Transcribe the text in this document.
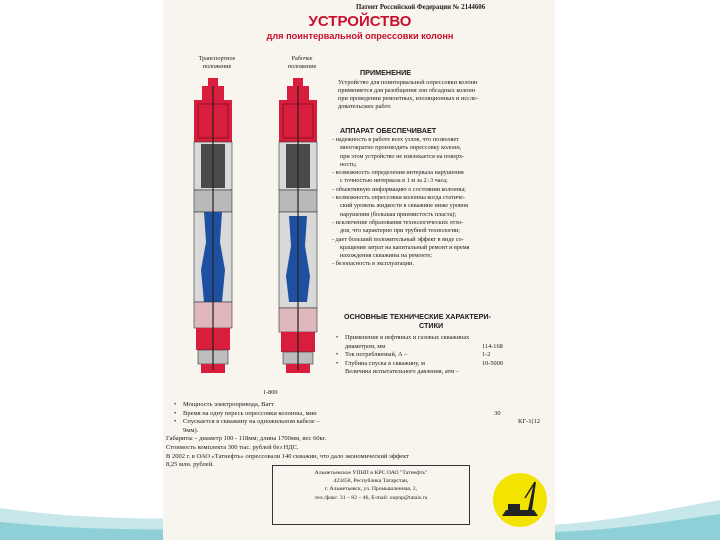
Патент Российской Федерации № 2144606

УСТРОЙСТВО

для поинтервальной опрессовки колонн

Транспортное

положение

Рабочее

положение

1-800

ПРИМЕНЕНИЕ

Устройство для поинтервальной опрессовки колонн

применяется для разобщения зон обсадных колонн

при проведении ремонтных, изоляционных и иссле-

довательских работ.

АППАРАТ ОБЕСПЕЧИВАЕТ

- надежность в работе всех узлов, что позволяет
многократно производить опрессовку колонн,
при этом устройство не извлекается на поверх-
ность;
- возможность определения интервала нарушения
с точностью интервала в 1 м за 2÷3 часа;
- объективную информацию о состоянии колонны;
- возможность опрессовки колонны когда статиче-
ский уровень жидкости в скважине ниже уровня
нарушения (большая приемистость пласта);
- исключение образования технологических отхо-
дов, что характерно при трубной технологии;
- дает больший положительный эффект в виде со-
кращения затрат на капитальный ремонт и время
нахождения скважины на ремонте;
- безопасность в эксплуатации.

ОСНОВНЫЕ ТЕХНИЧЕСКИЕ ХАРАКТЕРИ-

СТИКИ

• Применение в нефтяных и газовых скважинах
диаметром, мм	114-168
• Ток потребляемый, А –	1-2
• Глубина спуска в скважину, м	10-5000
Величина испытательного давления, атм –
• Мощность электропривода, Ватт
• Время на одну пересь опрессовки колонны, мин	30
• Спускается в скважину на одножильном кабеле –	КГ-1(12
9мм).
Габариты – диаметр 100 - 118мм; длина 1700мм, вес 60кг.
Стоимость комплекта 300 тыс. рублей без НДС.
В 2002 г. в ОАО «Татнефть» опрессовали 140 скважин, что дало экономический эффект
8,25 млн. рублей.
Альметьевское УПНП и КРС ОАО "Татнефть"
423458, Республика Татарстан,
г. Альметьевск, ул. Промышленная, 2,
тел./факс: 31 – 82 – 46, E-mail: oupnp@tatais.ru
